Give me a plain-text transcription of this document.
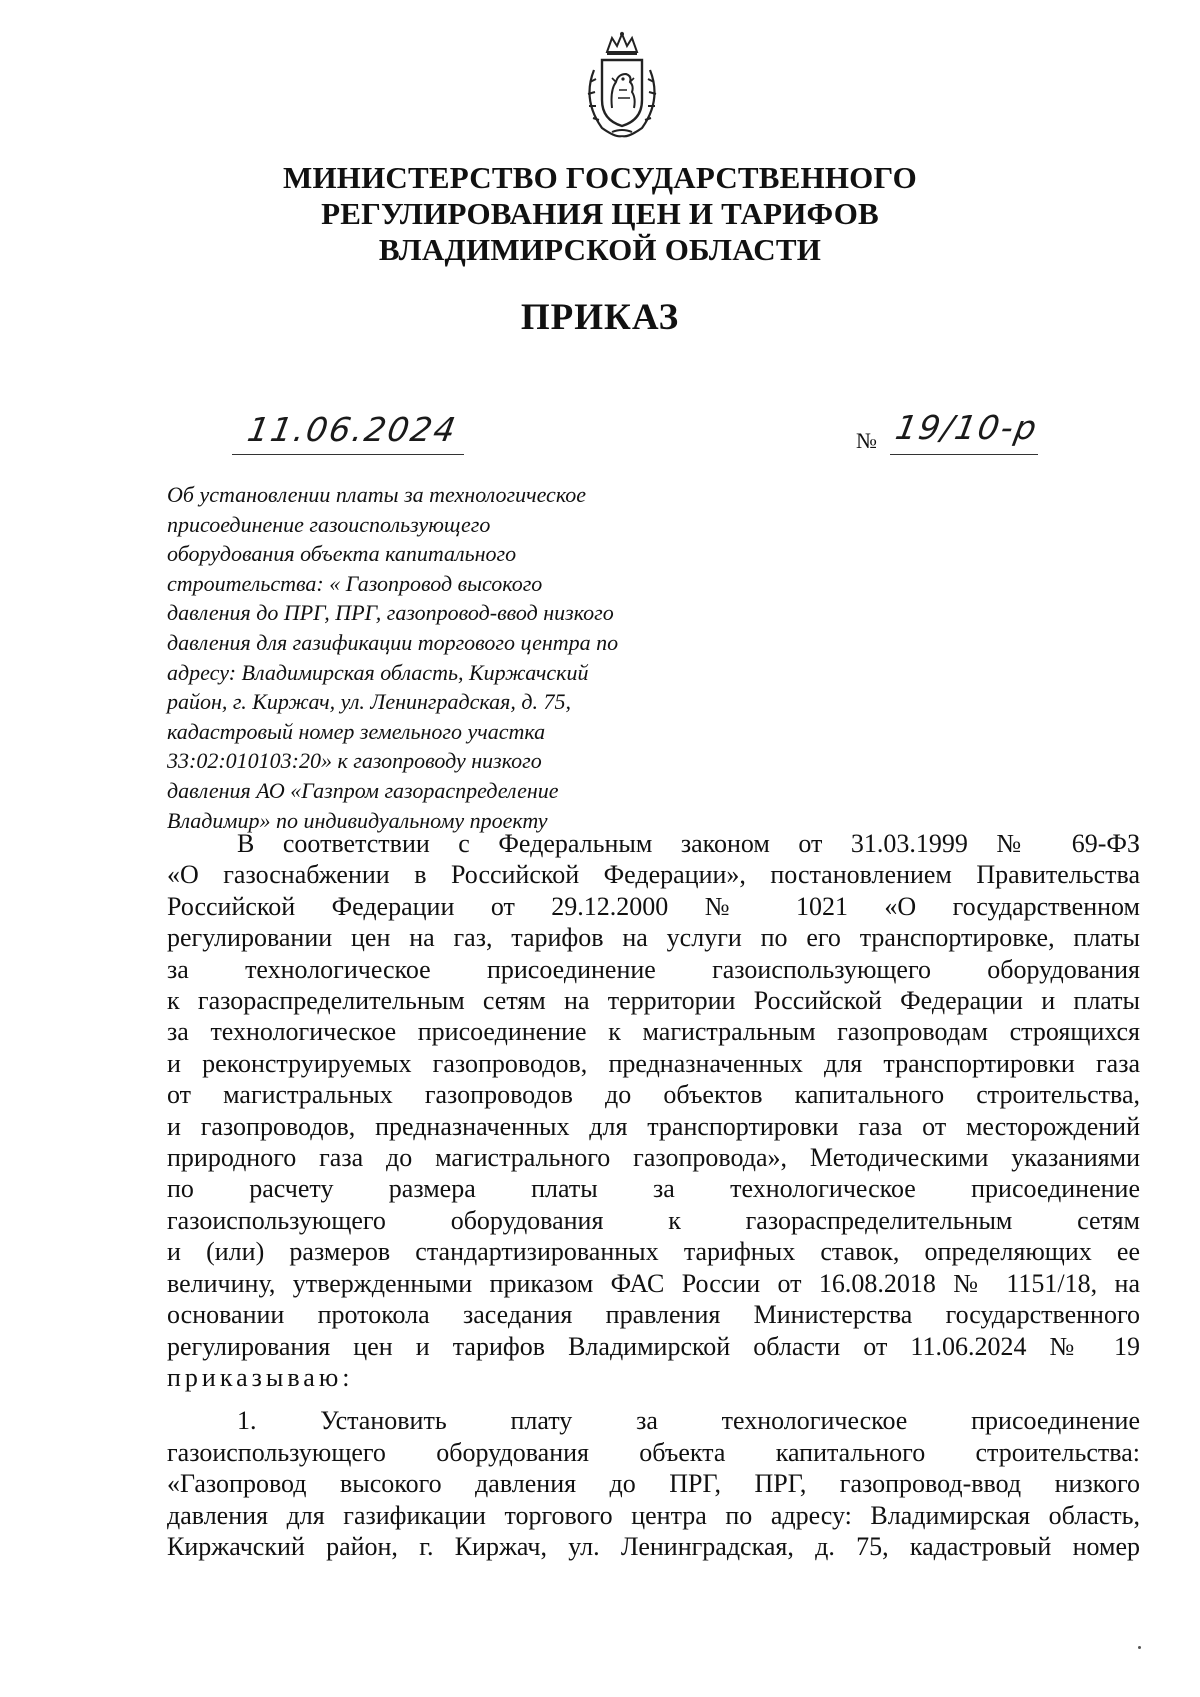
МИНИСТЕРСТВО ГОСУДАРСТВЕННОГО
РЕГУЛИРОВАНИЯ ЦЕН И ТАРИФОВ
ВЛАДИМИРСКОЙ ОБЛАСТИ
ПРИКАЗ
11.06.2024	№ 19/10-р
Об установлении платы за технологическое
присоединение газоиспользующего
оборудования объекта капитального
строительства: « Газопровод высокого
давления до ПРГ, ПРГ, газопровод-ввод низкого
давления для газификации торгового центра по
адресу: Владимирская область, Киржачский
район, г. Киржач, ул. Ленинградская, д. 75,
кадастровый номер земельного участка
33:02:010103:20» к газопроводу низкого
давления АО «Газпром газораспределение
Владимир» по индивидуальному проекту
В соответствии с Федеральным законом от 31.03.1999 № 69-ФЗ
«О газоснабжении в Российской Федерации», постановлением Правительства
Российской Федерации от 29.12.2000 № 1021 «О государственном
регулировании цен на газ, тарифов на услуги по его транспортировке, платы
за технологическое присоединение газоиспользующего оборудования
к газораспределительным сетям на территории Российской Федерации и платы
за технологическое присоединение к магистральным газопроводам строящихся
и реконструируемых газопроводов, предназначенных для транспортировки газа
от магистральных газопроводов до объектов капитального строительства,
и газопроводов, предназначенных для транспортировки газа от месторождений
природного газа до магистрального газопровода», Методическими указаниями
по расчету размера платы за технологическое присоединение
газоиспользующего оборудования к газораспределительным сетям
и (или) размеров стандартизированных тарифных ставок, определяющих ее
величину, утвержденными приказом ФАС России от 16.08.2018 № 1151/18, на
основании протокола заседания правления Министерства государственного
регулирования цен и тарифов Владимирской области от 11.06.2024 № 19
приказываю:
1. Установить плату за технологическое присоединение
газоиспользующего оборудования объекта капитального строительства:
«Газопровод высокого давления до ПРГ, ПРГ, газопровод-ввод низкого
давления для газификации торгового центра по адресу: Владимирская область,
Киржачский район, г. Киржач, ул. Ленинградская, д. 75, кадастровый номер
